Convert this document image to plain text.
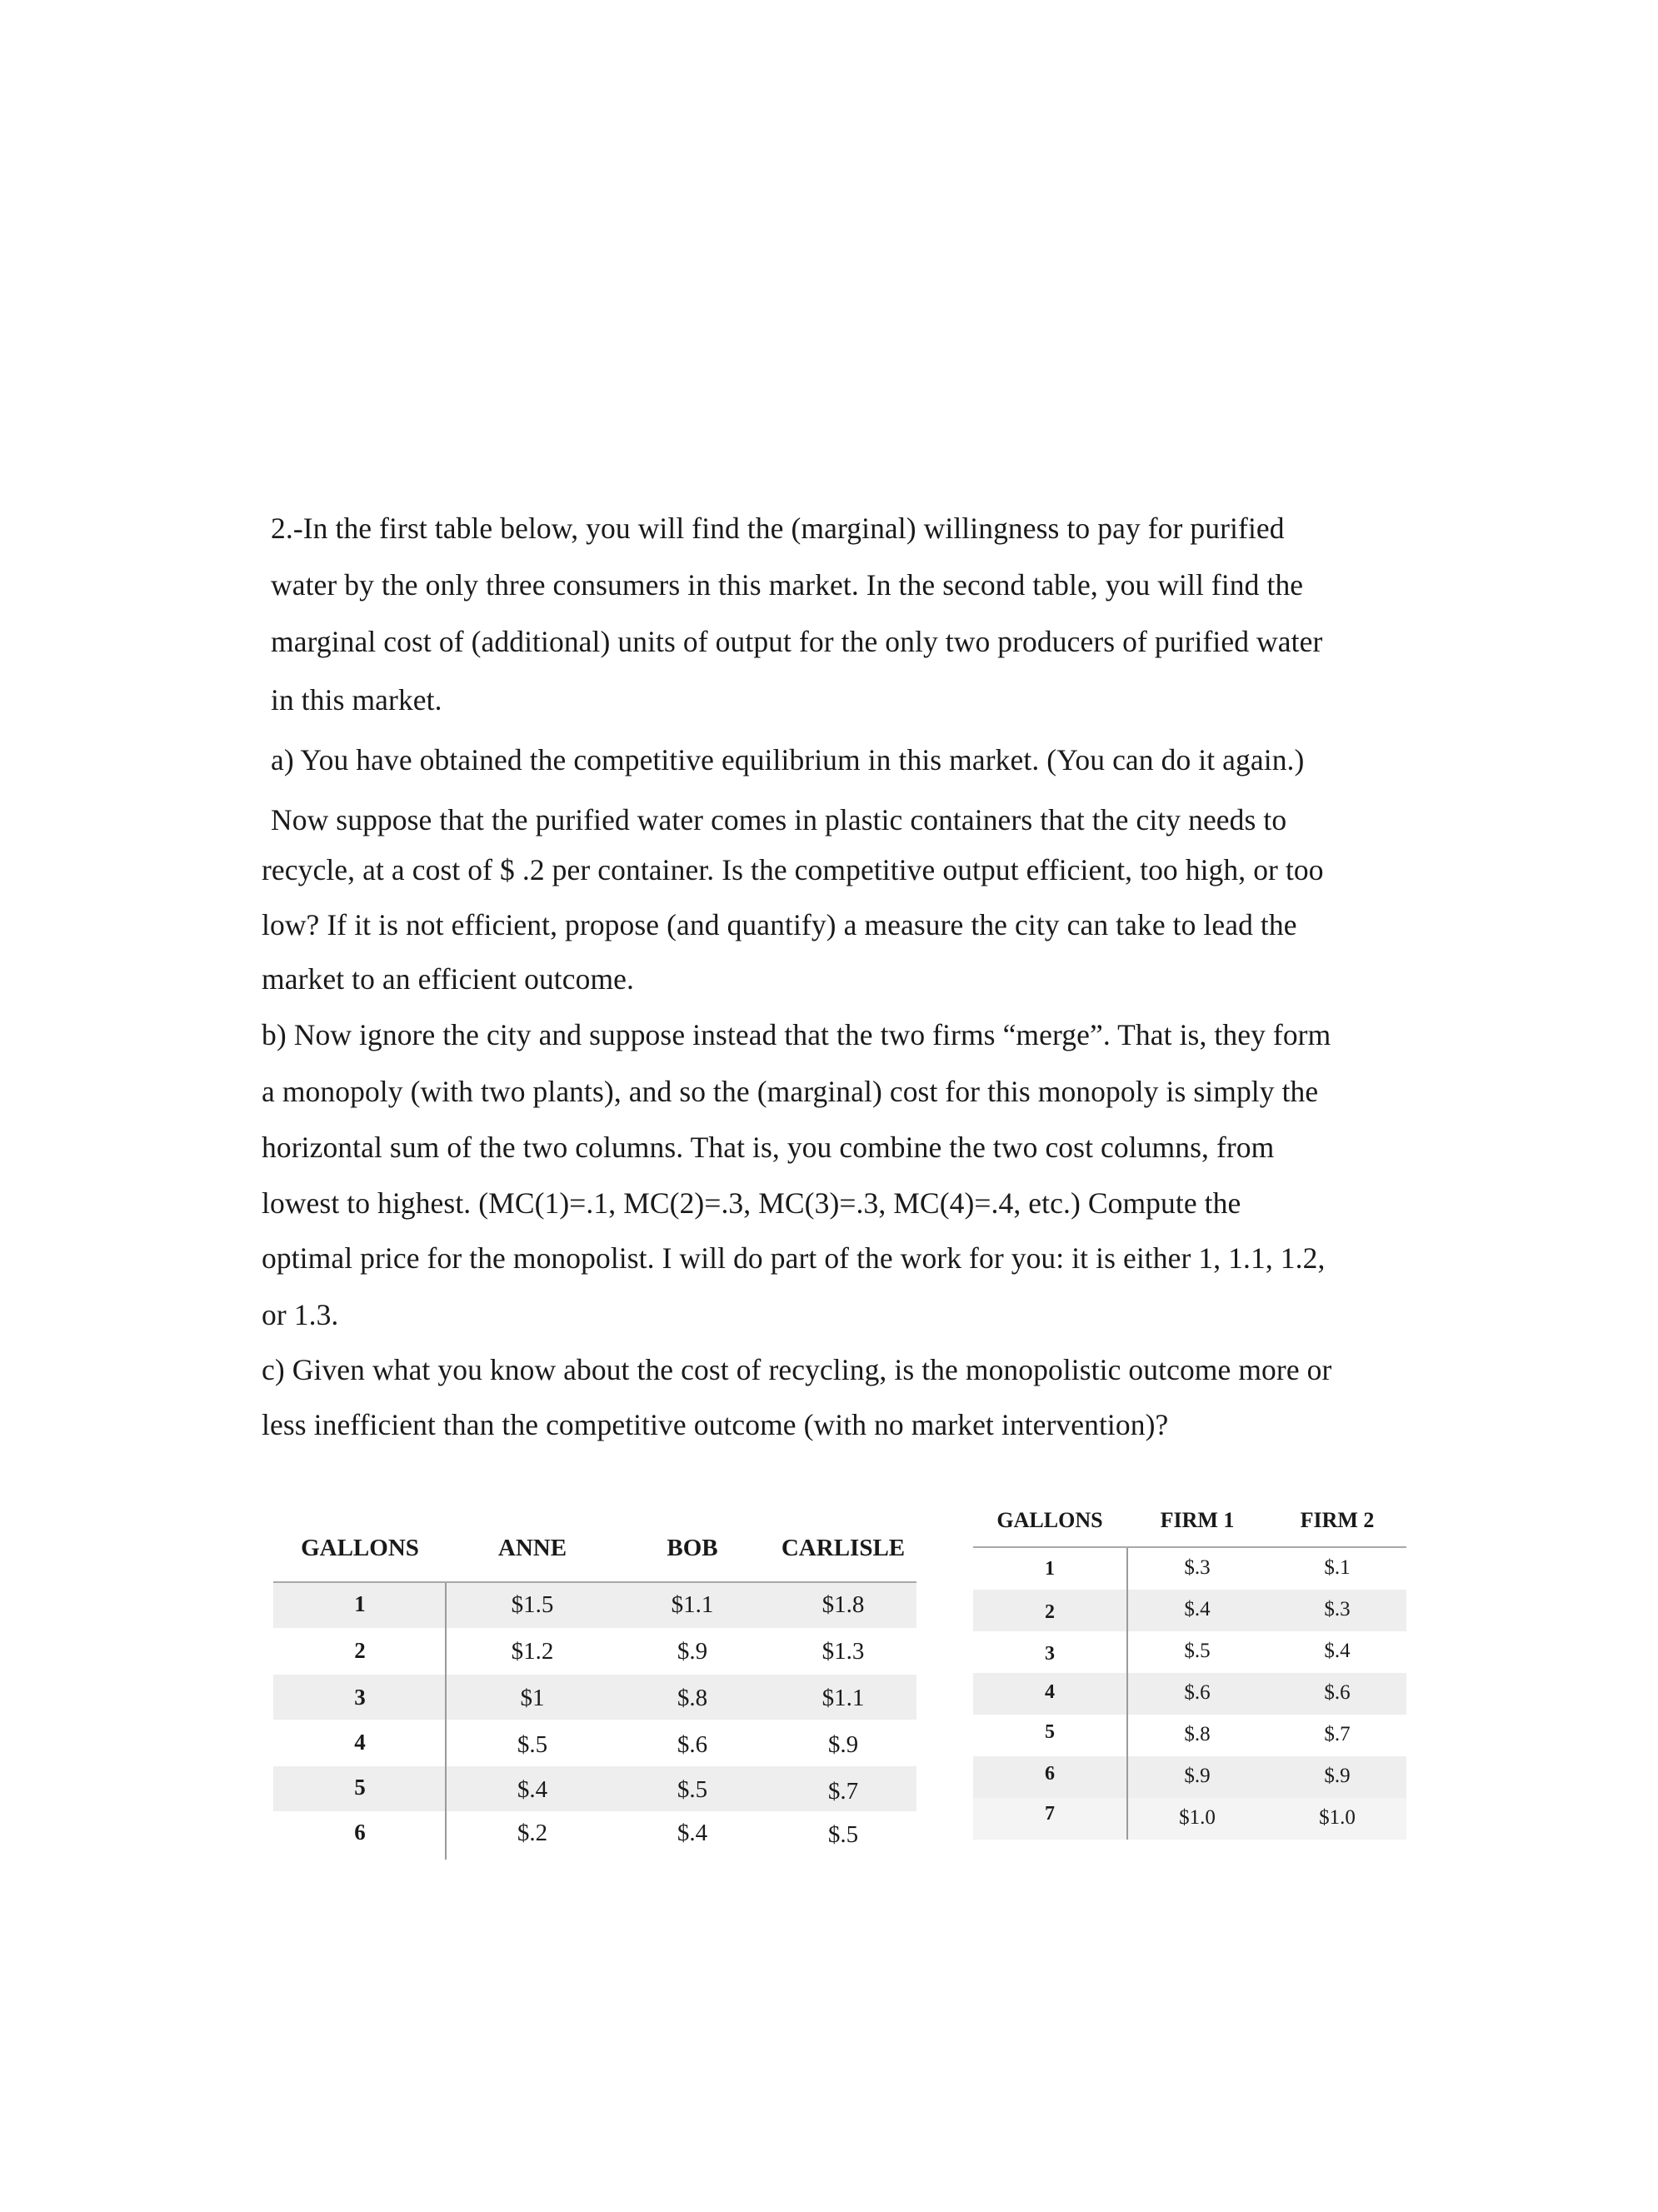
2.-In the first table below, you will find the (marginal) willingness to pay for purified
water by the only three consumers in this market. In the second table, you will find the
marginal cost of (additional) units of output for the only two producers of purified water
in this market.
a) You have obtained the competitive equilibrium in this market. (You can do it again.)
Now suppose that the purified water comes in plastic containers that the city needs to
recycle, at a cost of $ .2 per container. Is the competitive output efficient, too high, or too
low? If it is not efficient, propose (and quantify) a measure the city can take to lead the
market to an efficient outcome.
b) Now ignore the city and suppose instead that the two firms “merge”. That is, they form
a monopoly (with two plants), and so the (marginal) cost for this monopoly is simply the
horizontal sum of the two columns. That is, you combine the two cost columns, from
lowest to highest. (MC(1)=.1, MC(2)=.3, MC(3)=.3, MC(4)=.4, etc.) Compute the
optimal price for the monopolist. I will do part of the work for you: it is either 1, 1.1, 1.2,
or 1.3.
c) Given what you know about the cost of recycling, is the monopolistic outcome more or
less inefficient than the competitive outcome (with no market intervention)?
GALLONS	ANNE	BOB	CARLISLE
1	$1.5	$1.1	$1.8
2	$1.2	$.9	$1.3
3	$1	$.8	$1.1
4	$.5	$.6	$.9
5	$.4	$.5	$.7
6	$.2	$.4	$.5
GALLONS	FIRM 1	FIRM 2
1	$.3	$.1
2	$.4	$.3
3	$.5	$.4
4	$.6	$.6
5	$.8	$.7
6	$.9	$.9
7	$1.0	$1.0
